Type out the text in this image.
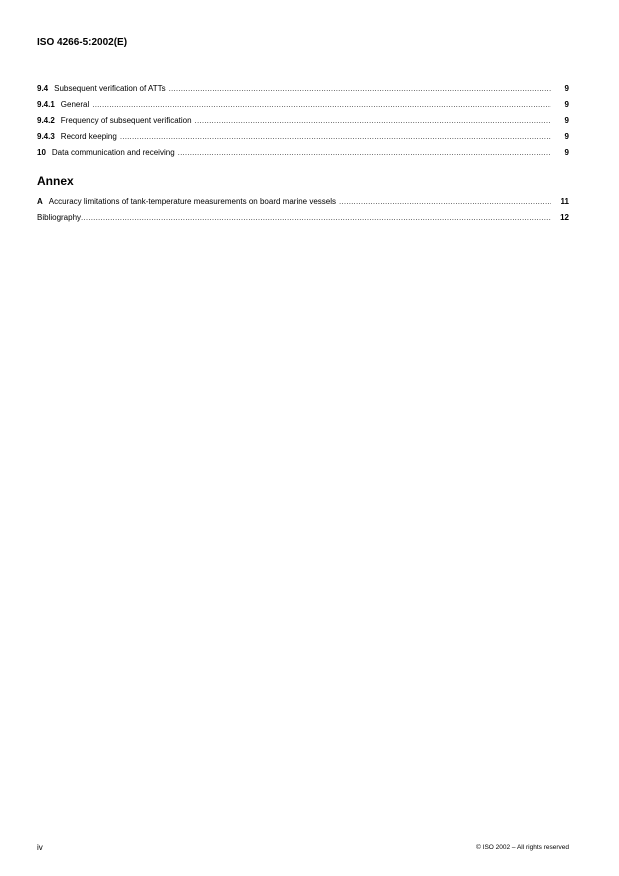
ISO 4266-5:2002(E)
9.4 Subsequent verification of ATTs .....	9
9.4.1 General .....	9
9.4.2 Frequency of subsequent verification .....	9
9.4.3 Record keeping .....	9
10 Data communication and receiving .....	9
Annex
A Accuracy limitations of tank-temperature measurements on board marine vessels .....	11
Bibliography .....	12
iv	© ISO 2002 – All rights reserved
